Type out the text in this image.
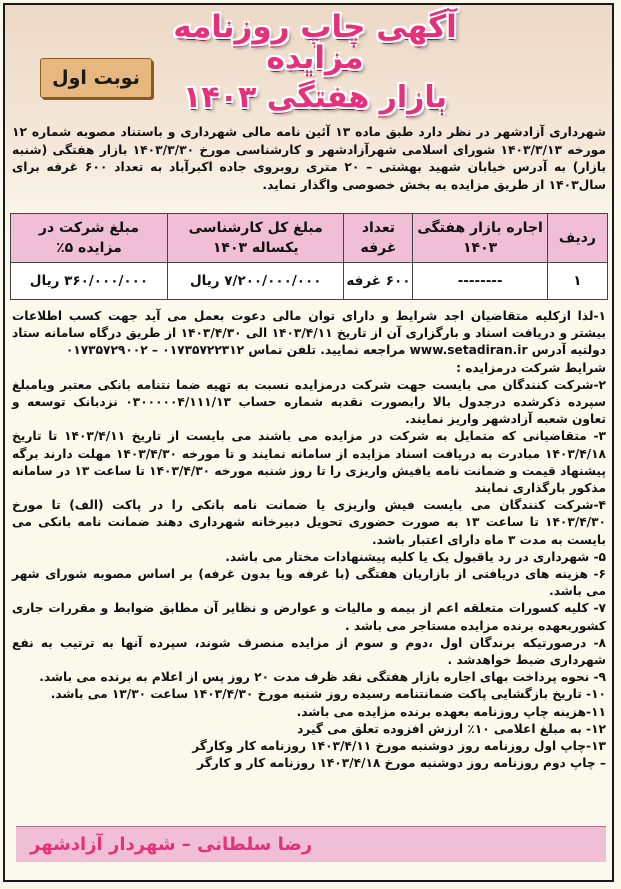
آگهی چاپ روزنامه مزایده
بازار هفتگی ۱۴۰۳
نوبت اول
شهرداری آزادشهر در نظر دارد طبق ماده ۱۳ آئین نامه مالی شهرداری و باستناد مصوبه شماره ۱۲ مورخه ۱۴۰۳/۳/۱۳ شورای اسلامی شهرآزادشهر و کارشناسی مورخ ۱۴۰۳/۳/۳۰ بازار هفتگی (شنبه بازار) به آدرس خیابان شهید بهشتی – ۲۰ متری روبروی جاده اکبرآباد به تعداد ۶۰۰ غرفه برای سال۱۴۰۳ از طریق مزایده به بخش خصوصی واگذار نماید.
ردیف	اجاره بازار هفتگی ۱۴۰۳	تعداد غرفه	مبلغ کل کارشناسی یکساله ۱۴۰۳	مبلغ شرکت در مزایده ۵٪
۱	--------	۶۰۰ غرفه	۷/۲۰۰/۰۰۰/۰۰۰ ریال	۳۶۰/۰۰۰/۰۰۰ ریال

۱-لذا ازکلیه متقاضیان اجد شرایط و دارای توان مالی دعوت بعمل می آید جهت کسب اطلاعات بیشتر و دریافت اسناد و بارگزاری آن از تاریخ ۱۴۰۳/۴/۱۱ الی ۱۴۰۳/۴/۳۰ از طریق درگاه سامانه ستاد دولتیه آدرس www.setadiran.ir مراجعه نمایید. تلفن تماس ۰۱۷۳۵۷۲۲۳۱۲ – ۰۱۷۳۵۷۲۹۰۰۲

شرایط شرکت درمزایده :

۲-شرکت کنندگان می بایست جهت شرکت درمزایده نسبت به تهیه ضما نتنامه بانکی معتبر ویامبلغ سپرده ذکرشده درجدول بالا رابصورت نقدبه شماره حساب ۰۳۰۰۰۰۰۴/۱۱۱/۱۳ نزدبانک توسعه و تعاون شعبه آزادشهر واریز نمایند.

۳- متقاضیانی که متمایل به شرکت در مزایده می باشند می بایست از تاریخ ۱۴۰۳/۴/۱۱ تا تاریخ ۱۴۰۳/۴/۱۸ مبادرت به دریافت اسناد مزایده از سامانه نمایند و تا مورخه ۱۴۰۳/۴/۳۰ مهلت دارند برگه پیشنهاد قیمت و ضمانت نامه یافیش واریزی را تا روز شنبه مورخه ۱۴۰۳/۴/۳۰ تا ساعت ۱۳ در سامانه مذکور بارگذاری نمایند

۴-شرکت کنندگان می بایست فیش واریزی یا ضمانت نامه بانکی را در پاکت (الف) تا مورخ ۱۴۰۳/۴/۳۰ تا ساعت ۱۳ به صورت حضوری تحویل دبیرخانه شهرداری دهند ضمانت نامه بانکی می بایست به مدت ۳ ماه دارای اعتبار باشد.

۵- شهرداری در رد یاقبول یک یا کلیه پیشنهادات مختار می باشد.

۶- هزینه های دریافتی از بازاریان هفتگی (با غرفه ویا بدون غرفه) بر اساس مصوبه شورای شهر می باشد.

۷- کلیه کسورات متعلقه اعم از بیمه و مالیات و عوارض و نظایر آن مطابق ضوابط و مقررات جاری کشوربعهده برنده مزایده مستاجر می باشد .

۸- درصورتیکه برندگان اول ،دوم و سوم از مزایده منصرف شوند، سپرده آنها به ترتیب به نفع شهرداری ضبط خواهدشد .

۹- نحوه پرداخت بهای اجاره بازار هفتگی نقد ظرف مدت ۲۰ روز پس از اعلام به برنده می باشد.

۱۰- تاریخ بازگشایی پاکت ضمانتنامه رسیده روز شنبه مورخ ۱۴۰۳/۴/۳۰ ساعت ۱۳/۳۰ می باشد.

۱۱-هزینه چاپ روزنامه بعهده برنده مزایده می باشد.

۱۲- به مبلغ اعلامی ۱۰٪ ارزش افزوده تعلق می گیرد

۱۳-چاپ اول روزنامه روز دوشنبه مورخ ۱۴۰۳/۴/۱۱ روزنامه کار وکارگر

– چاپ دوم روزنامه روز دوشنبه مورخ ۱۴۰۳/۴/۱۸ روزنامه کار و کارگر

رضا سلطانی – شهردار آزادشهر
